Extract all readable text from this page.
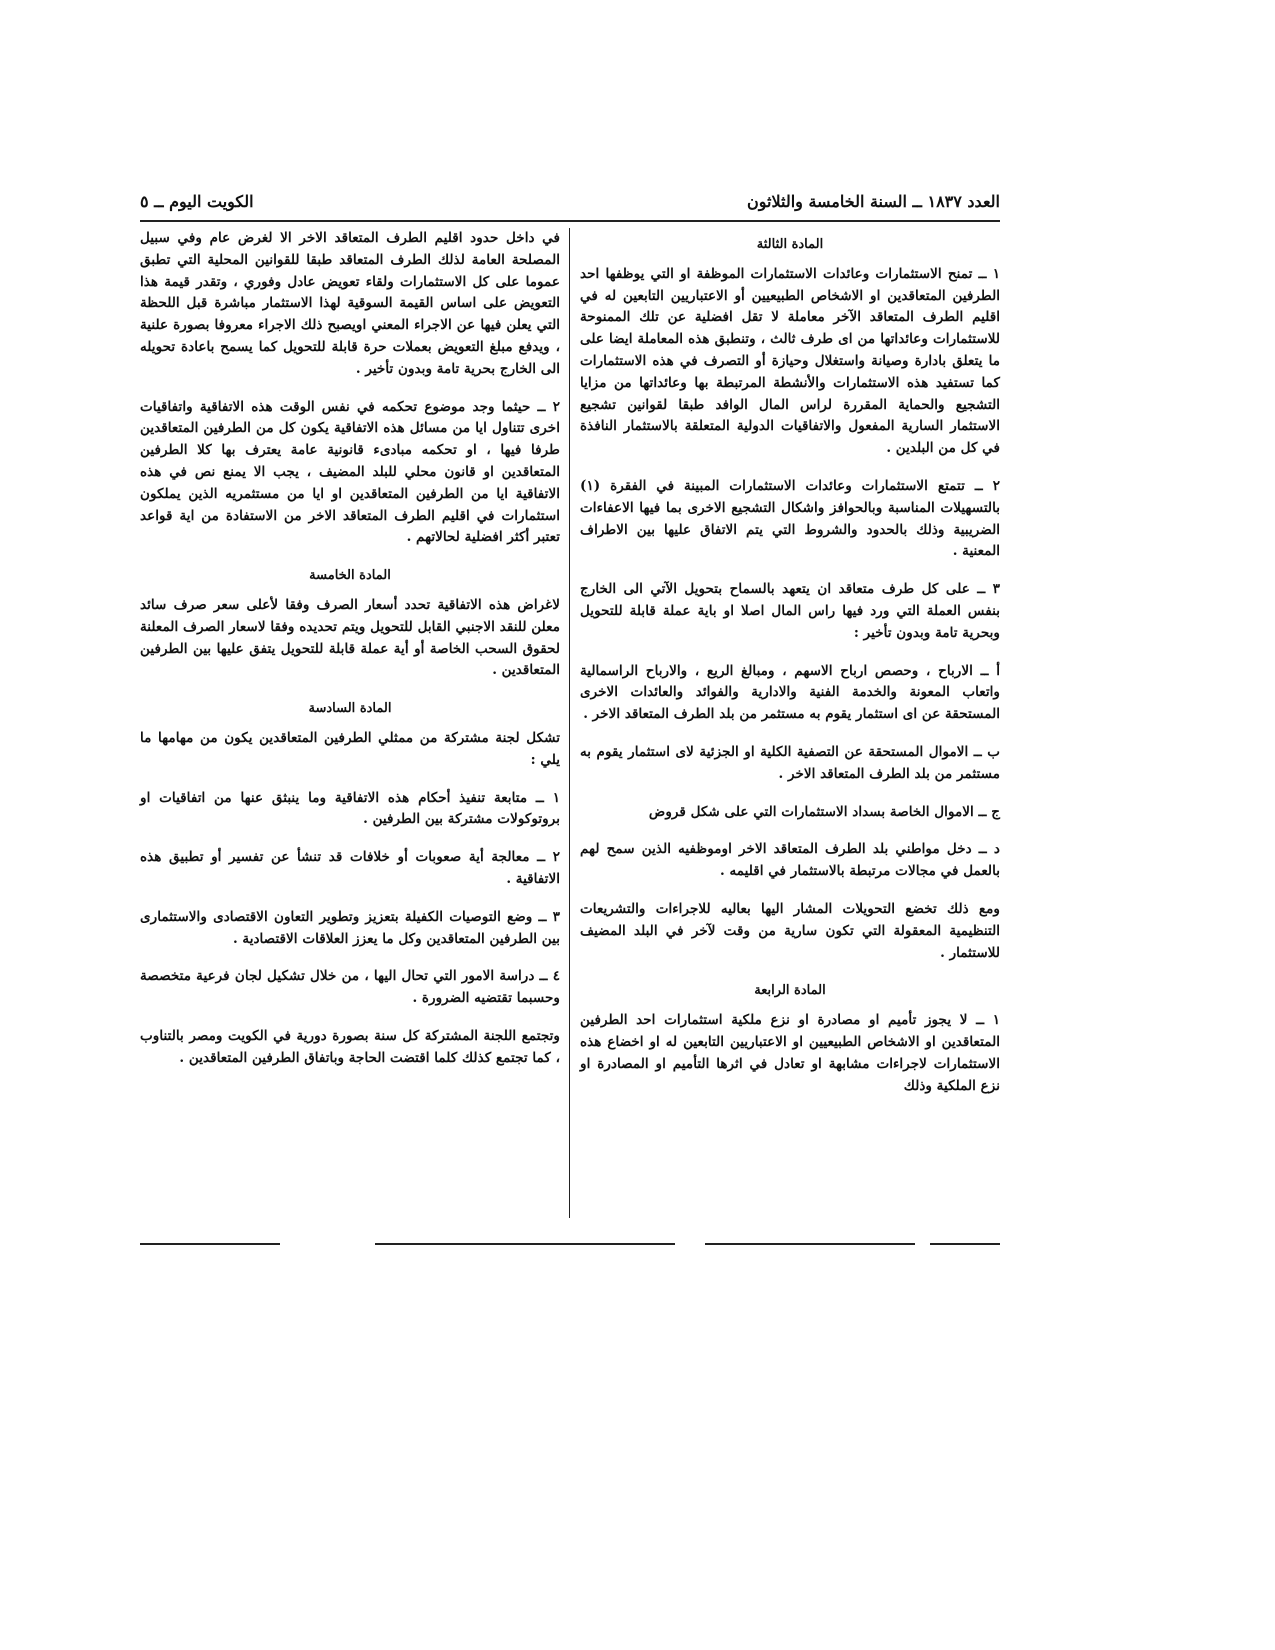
العدد ١٨٣٧ ــ السنة الخامسة والثلاثون
الكويت اليوم ــ ٥
المادة الثالثة

١ ــ تمنح الاستثمارات وعائدات الاستثمارات الموظفة او التي يوظفها احد الطرفين المتعاقدين او الاشخاص الطبيعيين أو الاعتباريين التابعين له في اقليم الطرف المتعاقد الآخر معاملة لا تقل افضلية عن تلك الممنوحة للاستثمارات وعائداتها من اى طرف ثالث ، وتنطبق هذه المعاملة ايضا على ما يتعلق بادارة وصيانة واستغلال وحيازة أو التصرف في هذه الاستثمارات كما تستفيد هذه الاستثمارات والأنشطة المرتبطة بها وعائداتها من مزايا التشجيع والحماية المقررة لراس المال الوافد طبقا لقوانين تشجيع الاستثمار السارية المفعول والاتفاقيات الدولية المتعلقة بالاستثمار النافذة في كل من البلدين .

٢ ــ تتمتع الاستثمارات وعائدات الاستثمارات المبينة في الفقرة (١) بالتسهيلات المناسبة وبالحوافز واشكال التشجيع الاخرى بما فيها الاعفاءات الضريبية وذلك بالحدود والشروط التي يتم الاتفاق عليها بين الاطراف المعنية .

٣ ــ على كل طرف متعاقد ان يتعهد بالسماح بتحويل الآتي الى الخارج بنفس العملة التي ورد فيها راس المال اصلا او باية عملة قابلة للتحويل وبحرية تامة وبدون تأخير :

أ ــ الارباح ، وحصص ارباح الاسهم ، ومبالغ الريع ، والارباح الراسمالية واتعاب المعونة والخدمة الفنية والادارية والفوائد والعائدات الاخرى المستحقة عن اى استثمار يقوم به مستثمر من بلد الطرف المتعاقد الاخر .

ب ــ الاموال المستحقة عن التصفية الكلية او الجزئية لاى استثمار يقوم به مستثمر من بلد الطرف المتعاقد الاخر .

ج ــ الاموال الخاصة بسداد الاستثمارات التي على شكل قروض

د ــ دخل مواطني بلد الطرف المتعاقد الاخر اوموظفيه الذين سمح لهم بالعمل في مجالات مرتبطة بالاستثمار في اقليمه .

ومع ذلك تخضع التحويلات المشار اليها بعاليه للاجراءات والتشريعات التنظيمية المعقولة التي تكون سارية من وقت لآخر في البلد المضيف للاستثمار .

المادة الرابعة

١ ــ لا يجوز تأميم او مصادرة او نزع ملكية استثمارات احد الطرفين المتعاقدين او الاشخاص الطبيعيين او الاعتباريين التابعين له او اخضاع هذه الاستثمارات لاجراءات مشابهة او تعادل في اثرها التأميم او المصادرة او نزع الملكية وذلك

في داخل حدود اقليم الطرف المتعاقد الاخر الا لغرض عام وفي سبيل المصلحة العامة لذلك الطرف المتعاقد طبقا للقوانين المحلية التي تطبق عموما على كل الاستثمارات ولقاء تعويض عادل وفوري ، وتقدر قيمة هذا التعويض على اساس القيمة السوقية لهذا الاستثمار مباشرة قبل اللحظة التي يعلن فيها عن الاجراء المعني اويصبح ذلك الاجراء معروفا بصورة علنية ، ويدفع مبلغ التعويض بعملات حرة قابلة للتحويل كما يسمح باعادة تحويله الى الخارج بحرية تامة وبدون تأخير .

٢ ــ حيثما وجد موضوع تحكمه في نفس الوقت هذه الاتفاقية واتفاقيات اخرى تتناول ايا من مسائل هذه الاتفاقية يكون كل من الطرفين المتعاقدين طرفا فيها ، او تحكمه مبادىء قانونية عامة يعترف بها كلا الطرفين المتعاقدين او قانون محلي للبلد المضيف ، يجب الا يمنع نص في هذه الاتفاقية ايا من الطرفين المتعاقدين او ايا من مستثمريه الذين يملكون استثمارات في اقليم الطرف المتعاقد الاخر من الاستفادة من اية قواعد تعتبر أكثر افضلية لحالاتهم .

المادة الخامسة

لاغراض هذه الاتفاقية تحدد أسعار الصرف وفقا لأعلى سعر صرف سائد معلن للنقد الاجنبي القابل للتحويل ويتم تحديده وفقا لاسعار الصرف المعلنة لحقوق السحب الخاصة أو أية عملة قابلة للتحويل يتفق عليها بين الطرفين المتعاقدين .

المادة السادسة

تشكل لجنة مشتركة من ممثلي الطرفين المتعاقدين يكون من مهامها ما يلي :

١ ــ متابعة تنفيذ أحكام هذه الاتفاقية وما ينبثق عنها من اتفاقيات او بروتوكولات مشتركة بين الطرفين .

٢ ــ معالجة أية صعوبات أو خلافات قد تنشأ عن تفسير أو تطبيق هذه الاتفاقية .

٣ ــ وضع التوصيات الكفيلة بتعزيز وتطوير التعاون الاقتصادى والاستثمارى بين الطرفين المتعاقدين وكل ما يعزز العلاقات الاقتصادية .

٤ ــ دراسة الامور التي تحال اليها ، من خلال تشكيل لجان فرعية متخصصة وحسبما تقتضيه الضرورة .

وتجتمع اللجنة المشتركة كل سنة بصورة دورية في الكويت ومصر بالتناوب ، كما تجتمع كذلك كلما اقتضت الحاجة وباتفاق الطرفين المتعاقدين .
